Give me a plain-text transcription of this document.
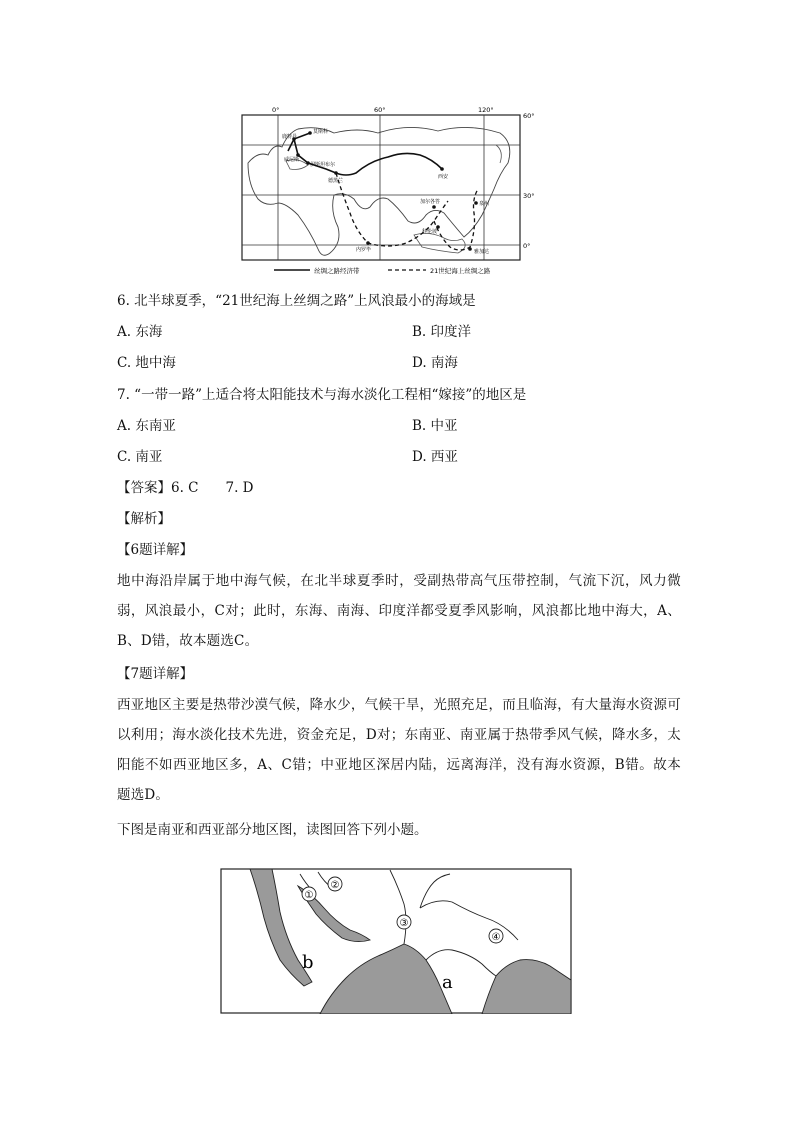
0°	60°	120°
60°
30°
0°
莫斯科
鹿特丹
威尼斯
伊斯坦布尔
德黑兰
西安
加尔各答	泉州
科伦坡
内罗毕	雅加达
丝绸之路经济带	21世纪海上丝绸之路
6. 北半球夏季，“21世纪海上丝绸之路”上风浪最小的海域是
A. 东海	B. 印度洋
C. 地中海	D. 南海
7. “一带一路”上适合将太阳能技术与海水淡化工程相“嫁接”的地区是
A. 东南亚	B. 中亚
C. 南亚	D. 西亚
【答案】6. C　　7. D
【解析】
【6题详解】
地中海沿岸属于地中海气候，在北半球夏季时，受副热带高气压带控制，气流下沉，风力微弱，风浪最小，C对；此时，东海、南海、印度洋都受夏季风影响，风浪都比地中海大，A、B、D错，故本题选C。
【7题详解】
西亚地区主要是热带沙漠气候，降水少，气候干旱，光照充足，而且临海，有大量海水资源可以利用；海水淡化技术先进，资金充足，D对；东南亚、南亚属于热带季风气候，降水多，太阳能不如西亚地区多，A、C错；中亚地区深居内陆，远离海洋，没有海水资源，B错。故本题选D。
下图是南亚和西亚部分地区图，读图回答下列小题。
①
②
③
④
b
a
